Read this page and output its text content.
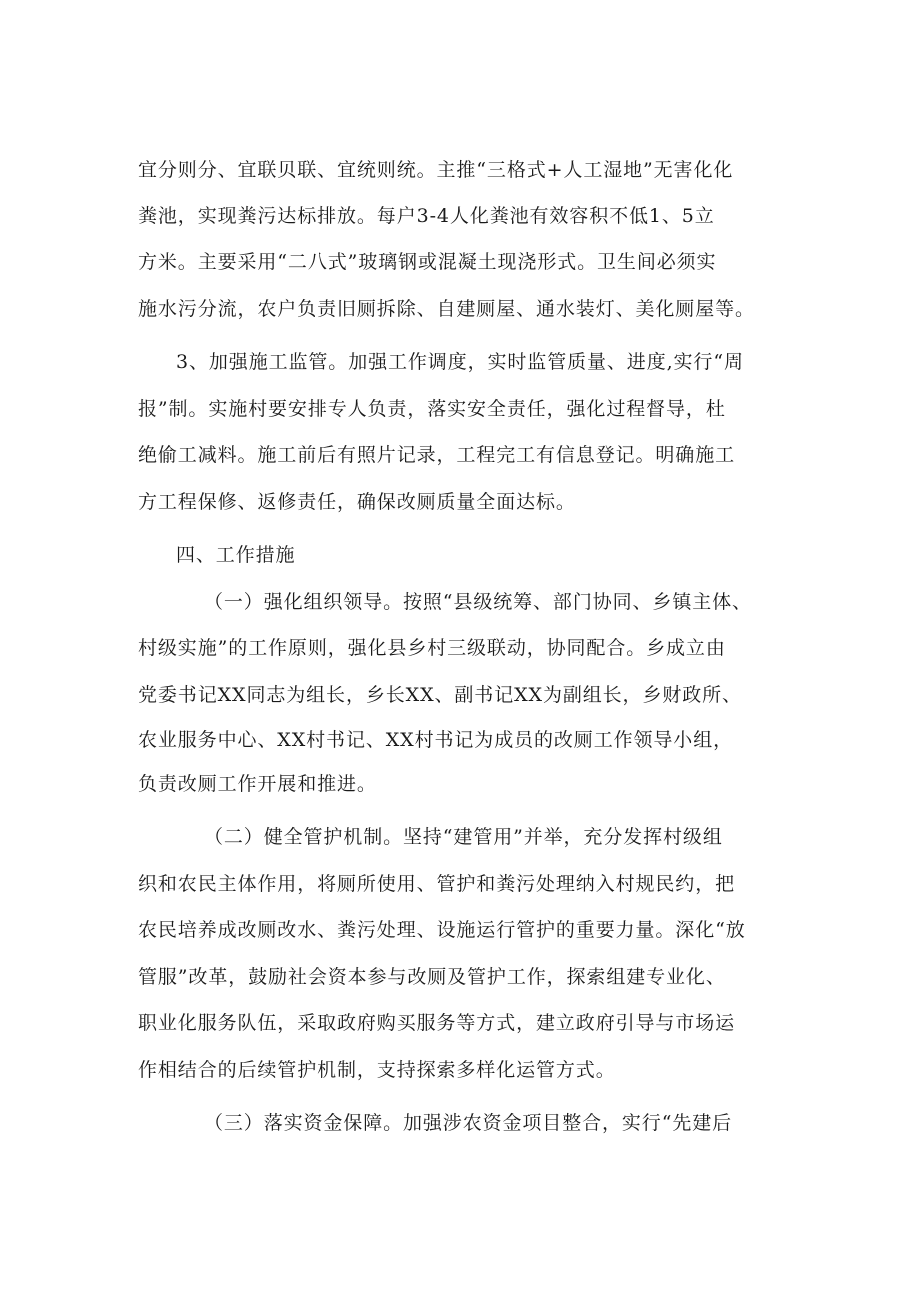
宜分则分、宜联贝联、宜统则统。主推“三格式+人工湿地”无害化化
粪池，实现粪污达标排放。每户3-4人化粪池有效容积不低1、5立
方米。主要采用“二八式”玻璃钢或混凝土现浇形式。卫生间必须实
施水污分流，农户负责旧厕拆除、自建厕屋、通水装灯、美化厕屋等。
3、加强施工监管。加强工作调度，实时监管质量、进度,实行“周
报”制。实施村要安排专人负责，落实安全责任，强化过程督导，杜
绝偷工减料。施工前后有照片记录，工程完工有信息登记。明确施工
方工程保修、返修责任，确保改厕质量全面达标。
四、工作措施
（一）强化组织领导。按照“县级统筹、部门协同、乡镇主体、
村级实施”的工作原则，强化县乡村三级联动，协同配合。乡成立由
党委书记XX同志为组长，乡长XX、副书记XX为副组长，乡财政所、
农业服务中心、XX村书记、XX村书记为成员的改厕工作领导小组，
负责改厕工作开展和推进。
（二）健全管护机制。坚持“建管用”并举，充分发挥村级组
织和农民主体作用，将厕所使用、管护和粪污处理纳入村规民约，把
农民培养成改厕改水、粪污处理、设施运行管护的重要力量。深化“放
管服”改革，鼓励社会资本参与改厕及管护工作，探索组建专业化、
职业化服务队伍，采取政府购买服务等方式，建立政府引导与市场运
作相结合的后续管护机制，支持探索多样化运管方式。
（三）落实资金保障。加强涉农资金项目整合，实行“先建后
